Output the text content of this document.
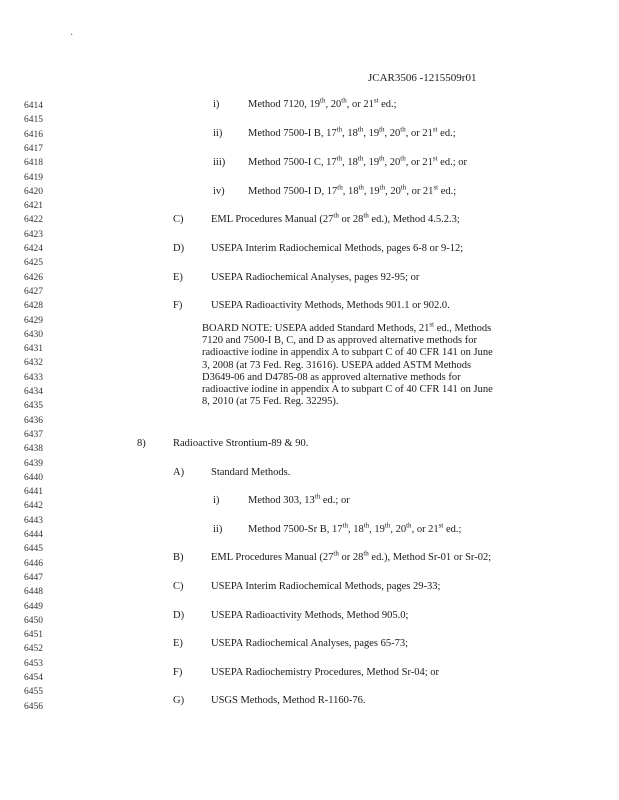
·
JCAR3506 -1215509r01
6414
6415
6416
6417
6418
6419
6420
6421
6422
6423
6424
6425
6426
6427
6428
6429
6430
6431
6432
6433
6434
6435
6436
6437
6438
6439
6440
6441
6442
6443
6444
6445
6446
6447
6448
6449
6450
6451
6452
6453
6454
6455
6456
i)	Method 7120, 19th, 20th, or 21st ed.;
ii) Method 7500-I B, 17th, 18th, 19th, 20th, or 21st ed.;
iii) Method 7500-I C, 17th, 18th, 19th, 20th, or 21st ed.; or
iv) Method 7500-I D, 17th, 18th, 19th, 20th, or 21st ed.;
C)	EML Procedures Manual (27th or 28th ed.), Method 4.5.2.3;
D)	USEPA Interim Radiochemical Methods, pages 6-8 or 9-12;
E)	USEPA Radiochemical Analyses, pages 92-95; or
F)	USEPA Radioactivity Methods, Methods 901.1 or 902.0.
BOARD NOTE: USEPA added Standard Methods, 21st ed., Methods 7120 and 7500-I B, C, and D as approved alternative methods for radioactive iodine in appendix A to subpart C of 40 CFR 141 on June 3, 2008 (at 73 Fed. Reg. 31616). USEPA added ASTM Methods D3649-06 and D4785-08 as approved alternative methods for radioactive iodine in appendix A to subpart C of 40 CFR 141 on June 8, 2010 (at 75 Fed. Reg. 32295).
8)	Radioactive Strontium-89 & 90.
A)	Standard Methods.
i)	Method 303, 13th ed.; or
ii) Method 7500-Sr B, 17th, 18th, 19th, 20th, or 21st ed.;
B)	EML Procedures Manual (27th or 28th ed.), Method Sr-01 or Sr-02;
C)	USEPA Interim Radiochemical Methods, pages 29-33;
D)	USEPA Radioactivity Methods, Method 905.0;
E)	USEPA Radiochemical Analyses, pages 65-73;
F)	USEPA Radiochemistry Procedures, Method Sr-04; or
G)	USGS Methods, Method R-1160-76.
